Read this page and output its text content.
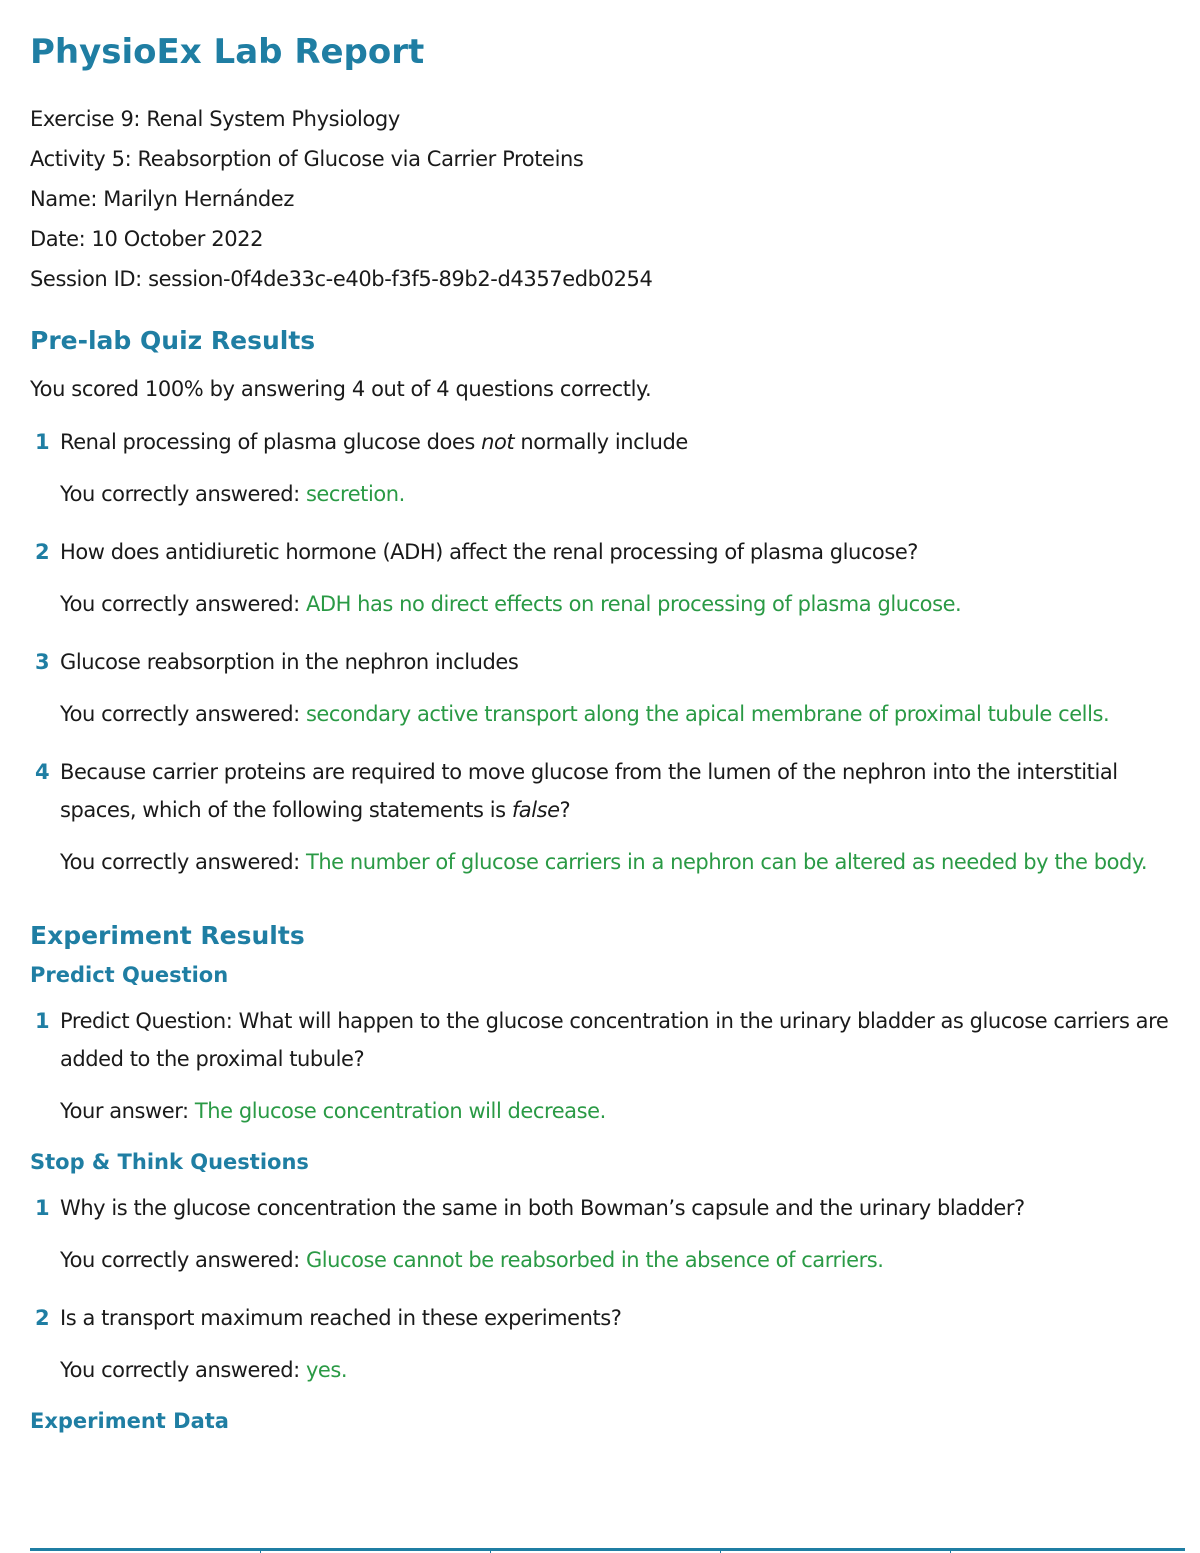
PhysioEx Lab Report
Exercise 9: Renal System Physiology
Activity 5: Reabsorption of Glucose via Carrier Proteins
Name: Marilyn Hernández
Date: 10 October 2022
Session ID: session-0f4de33c-e40b-f3f5-89b2-d4357edb0254
Pre-lab Quiz Results
You scored 100% by answering 4 out of 4 questions correctly.
1 Renal processing of plasma glucose does not normally include
You correctly answered: secretion.
2 How does antidiuretic hormone (ADH) affect the renal processing of plasma glucose?
You correctly answered: ADH has no direct effects on renal processing of plasma glucose.
3 Glucose reabsorption in the nephron includes
You correctly answered: secondary active transport along the apical membrane of proximal tubule cells.
4 Because carrier proteins are required to move glucose from the lumen of the nephron into the interstitial spaces, which of the following statements is false?
You correctly answered: The number of glucose carriers in a nephron can be altered as needed by the body.
Experiment Results
Predict Question
1 Predict Question: What will happen to the glucose concentration in the urinary bladder as glucose carriers are added to the proximal tubule?
Your answer: The glucose concentration will decrease.
Stop & Think Questions
1 Why is the glucose concentration the same in both Bowman’s capsule and the urinary bladder?
You correctly answered: Glucose cannot be reabsorbed in the absence of carriers.
2 Is a transport maximum reached in these experiments?
You correctly answered: yes.
Experiment Data
